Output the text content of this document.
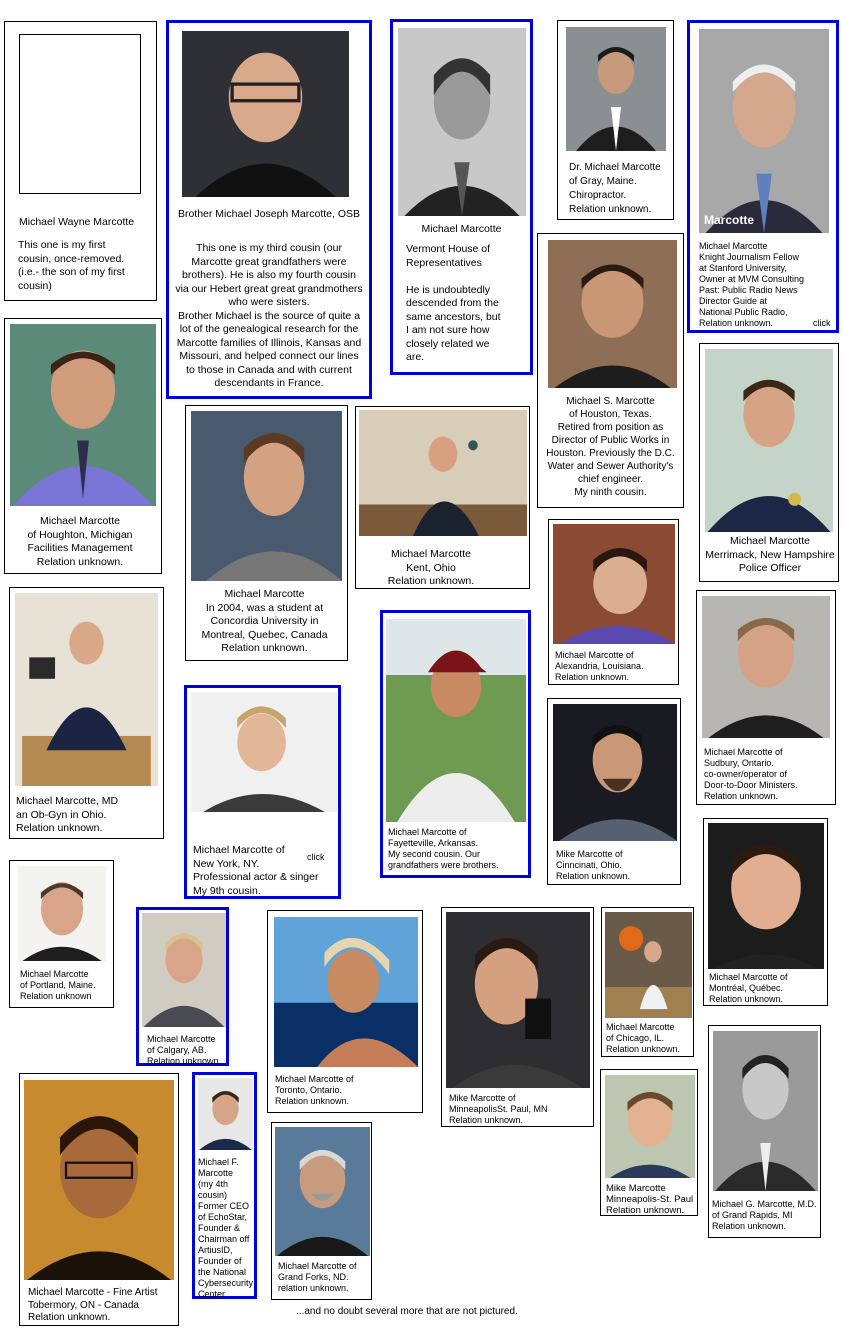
Michael Wayne Marcotte
This one is my first
cousin, once-removed.
(i.e.- the son of my first
cousin)
Brother Michael Joseph Marcotte, OSB
This one is my third cousin (our
Marcotte great grandfathers were
brothers). He is also my fourth cousin
via our Hebert great great grandmothers
who were sisters.
Brother Michael is the source of quite a
lot of the genealogical research for the
Marcotte families of Illinois, Kansas and
Missouri, and helped connect our lines
to those in Canada and with current
descendants in France.
Michael Marcotte
Vermont House of
Representatives

He is undoubtedly
descended from the
same ancestors, but
I am not sure how
closely related we
are.
Dr. Michael Marcotte
of Gray, Maine.
Chiropractor.
Relation unknown.
Marcotte
Michael Marcotte
Knight Journalism Fellow
at Stanford University,
Owner at MVM Consulting
Past: Public Radio News
Director Guide at
National Public Radio,
Relation unknown.	click
Michael S. Marcotte
of Houston, Texas.
Retired from position as
Director of Public Works in
Houston. Previously the D.C.
Water and Sewer Authority's
chief engineer.
My ninth cousin.
Michael Marcotte
of Houghton, Michigan
Facilities Management
Relation unknown.
Michael Marcotte
In 2004, was a student at
Concordia University in
Montreal, Quebec, Canada
Relation unknown.
Michael Marcotte
Kent, Ohio
Relation unknown.
Michael Marcotte
Merrimack, New Hampshire
Police Officer
Michael Marcotte of
Alexandria, Louisiana.
Relation unknown.
Michael Marcotte, MD
an Ob-Gyn in Ohio.
Relation unknown.
Michael Marcotte of
New York, NY.
Professional actor & singer
My 9th cousin.
click
Michael Marcotte of
Fayetteville, Arkansas.
My second cousin. Our
grandfathers were brothers.
Michael Marcotte of
Sudbury, Ontario.
co-owner/operator of
Door-to-Door Ministers.
Relation unknown.
Mike Marcotte of
Cinncinati, Ohio.
Relation unknown.
Michael Marcotte
of Portland, Maine.
Relation unknown
Michael Marcotte of
Montréal, Québec.
Relation unknown.
Michael Marcotte
of Calgary, AB.
Relation unknown.
Michael Marcotte of
Toronto, Ontario.
Relation unknown.	Mike Marcotte of
MinneapolisSt. Paul, MN
Relation unknown.
Michael Marcotte
of Chicago, IL.
Relation unknown.
Michael Marcotte - Fine Artist
Tobermory, ON - Canada
Relation unknown.
Michael F.
Marcotte
(my 4th
cousin)
Former CEO
of EchoStar,
Founder &
Chairman off
ArtiusID,
Founder of
the National
Cybersecurity
Center
Michael Marcotte of
Grand Forks, ND.
relation unknown.
Mike Marcotte
Minneapolis-St. Paul
Relation unknown.
Michael G. Marcotte, M.D.
of Grand Rapids, MI
Relation unknown.
...and no doubt several more that are not pictured.
